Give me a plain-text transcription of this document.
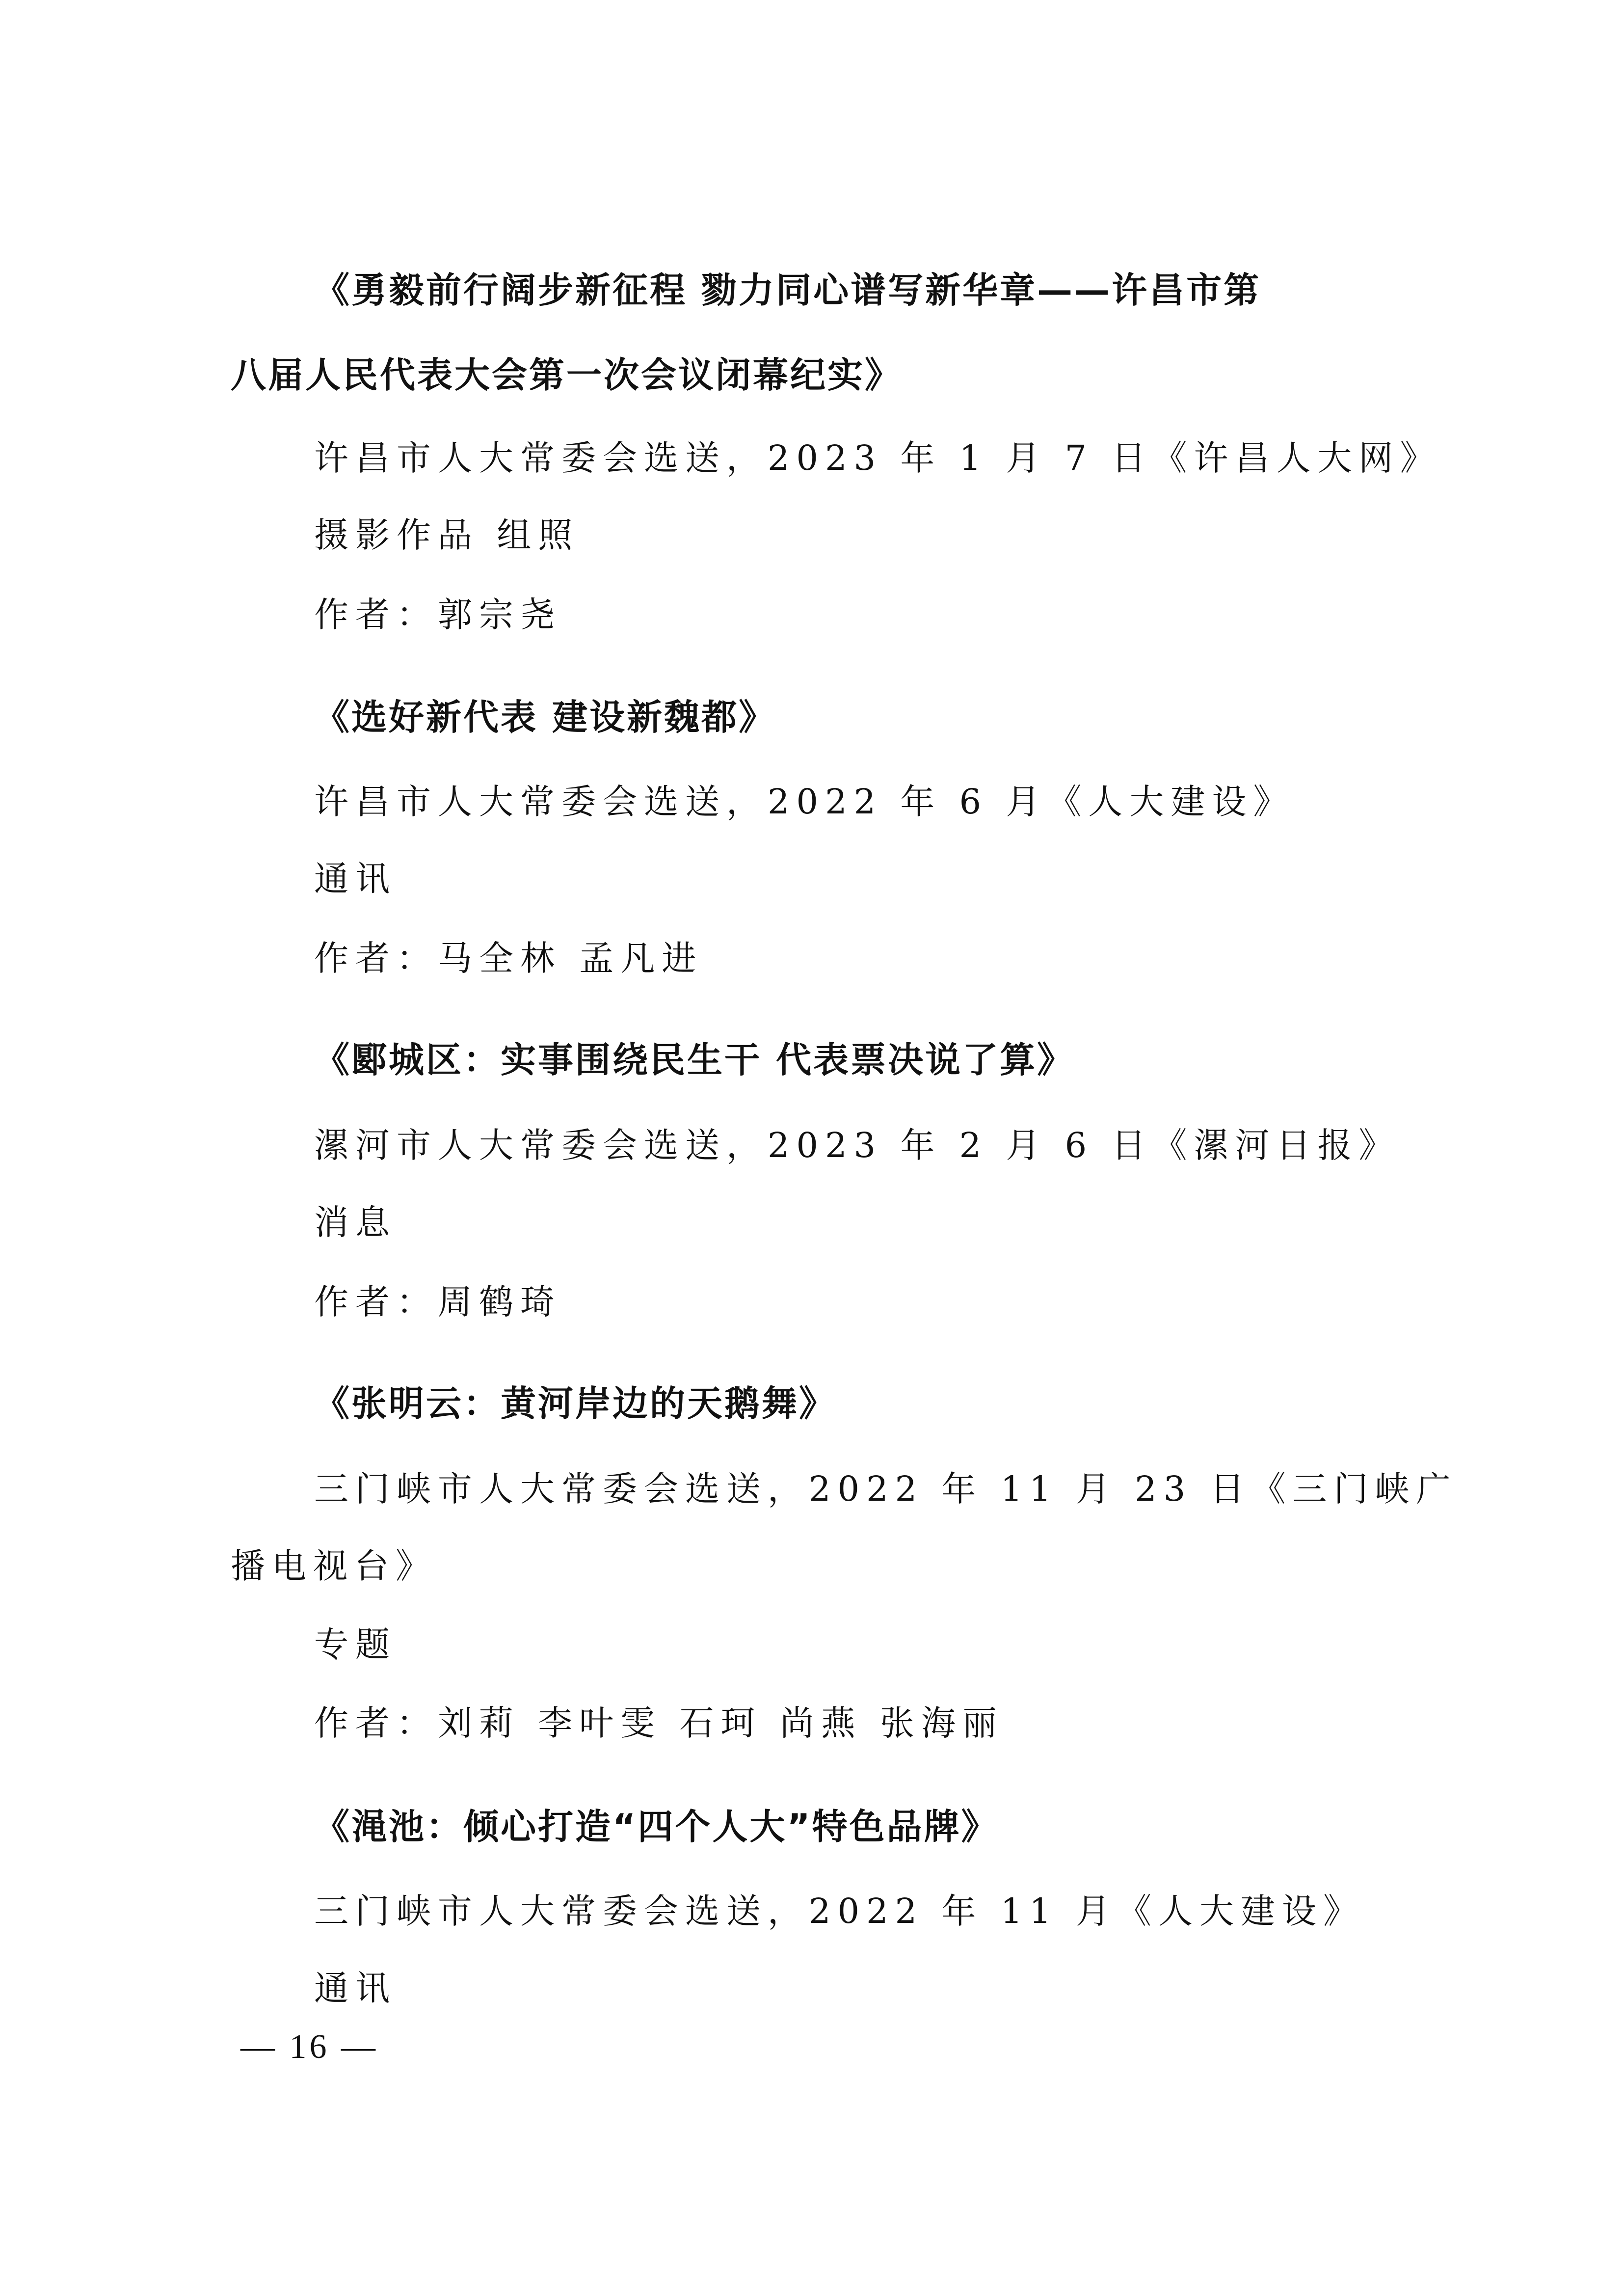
《勇毅前行阔步新征程 勠力同心谱写新华章——许昌市第
八届人民代表大会第一次会议闭幕纪实》
许昌市人大常委会选送，2023 年 1 月 7 日《许昌人大网》
摄影作品 组照
作者：郭宗尧
《选好新代表 建设新魏都》
许昌市人大常委会选送，2022 年 6 月《人大建设》
通讯
作者：马全林 孟凡进
《郾城区：实事围绕民生干 代表票决说了算》
漯河市人大常委会选送，2023 年 2 月 6 日《漯河日报》
消息
作者：周鹤琦
《张明云：黄河岸边的天鹅舞》
三门峡市人大常委会选送，2022 年 11 月 23 日《三门峡广
播电视台》
专题
作者：刘莉 李叶雯 石珂 尚燕 张海丽
《渑池：倾心打造“四个人大”特色品牌》
三门峡市人大常委会选送，2022 年 11 月《人大建设》
通讯
— 16 —
